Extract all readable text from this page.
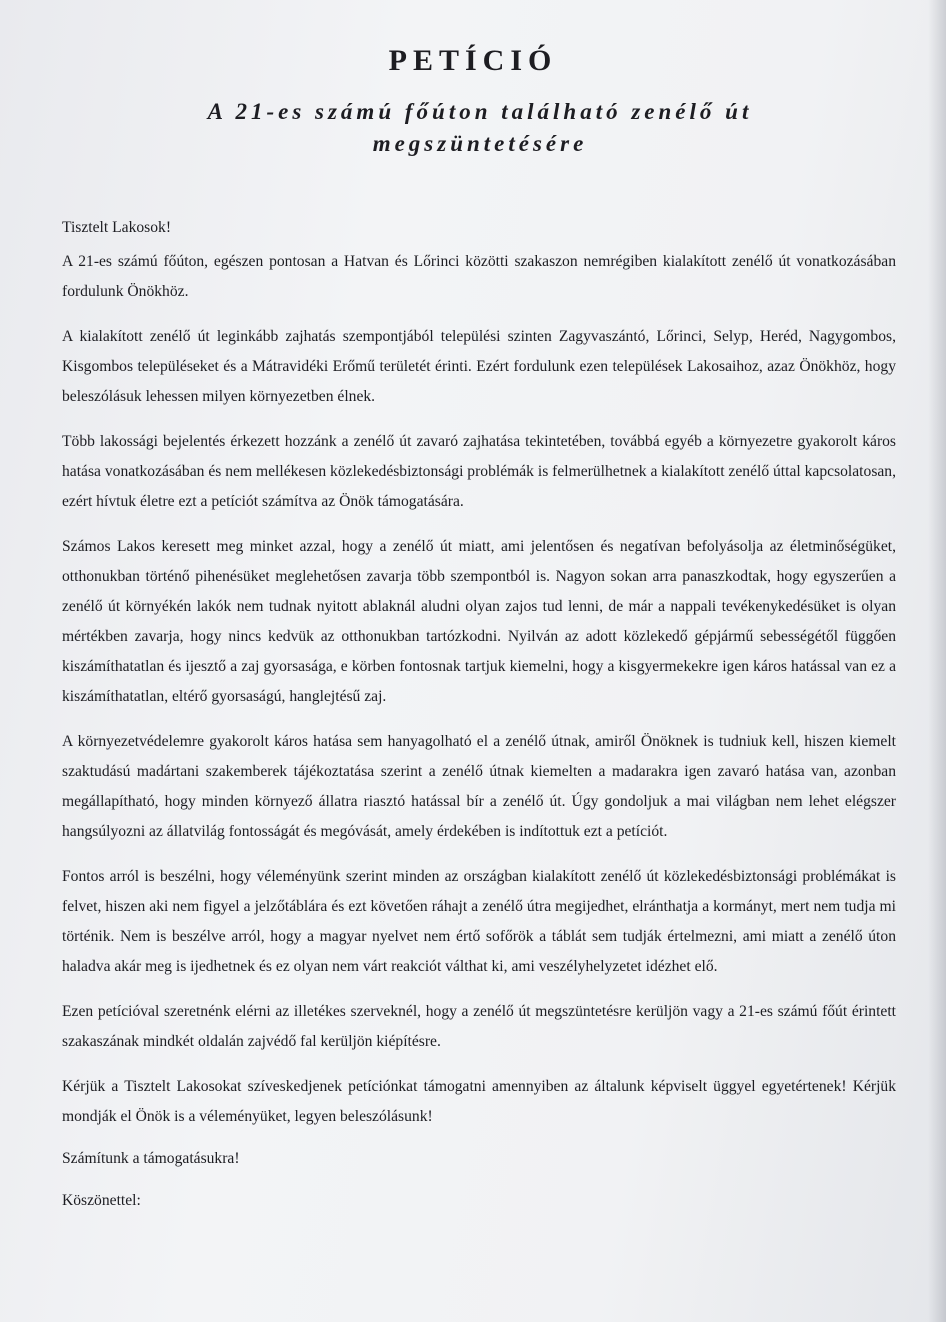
PETÍCIÓ
A 21-es számú főúton található zenélő út megszüntetésére

Tisztelt Lakosok!

A 21-es számú főúton, egészen pontosan a Hatvan és Lőrinci közötti szakaszon nemrégiben kialakított zenélő út vonatkozásában fordulunk Önökhöz.

A kialakított zenélő út leginkább zajhatás szempontjából települési szinten Zagyvaszántó, Lőrinci, Selyp, Heréd, Nagygombos, Kisgombos településeket és a Mátravidéki Erőmű területét érinti. Ezért fordulunk ezen települések Lakosaihoz, azaz Önökhöz, hogy beleszólásuk lehessen milyen környezetben élnek.

Több lakossági bejelentés érkezett hozzánk a zenélő út zavaró zajhatása tekintetében, továbbá egyéb a környezetre gyakorolt káros hatása vonatkozásában és nem mellékesen közlekedésbiztonsági problémák is felmerülhetnek a kialakított zenélő úttal kapcsolatosan, ezért hívtuk életre ezt a petíciót számítva az Önök támogatására.

Számos Lakos keresett meg minket azzal, hogy a zenélő út miatt, ami jelentősen és negatívan befolyásolja az életminőségüket, otthonukban történő pihenésüket meglehetősen zavarja több szempontból is. Nagyon sokan arra panaszkodtak, hogy egyszerűen a zenélő út környékén lakók nem tudnak nyitott ablaknál aludni olyan zajos tud lenni, de már a nappali tevékenykedésüket is olyan mértékben zavarja, hogy nincs kedvük az otthonukban tartózkodni. Nyilván az adott közlekedő gépjármű sebességétől függően kiszámíthatatlan és ijesztő a zaj gyorsasága, e körben fontosnak tartjuk kiemelni, hogy a kisgyermekekre igen káros hatással van ez a kiszámíthatatlan, eltérő gyorsaságú, hanglejtésű zaj.

A környezetvédelemre gyakorolt káros hatása sem hanyagolható el a zenélő útnak, amiről Önöknek is tudniuk kell, hiszen kiemelt szaktudású madártani szakemberek tájékoztatása szerint a zenélő útnak kiemelten a madarakra igen zavaró hatása van, azonban megállapítható, hogy minden környező állatra riasztó hatással bír a zenélő út. Úgy gondoljuk a mai világban nem lehet elégszer hangsúlyozni az állatvilág fontosságát és megóvását, amely érdekében is indítottuk ezt a petíciót.

Fontos arról is beszélni, hogy véleményünk szerint minden az országban kialakított zenélő út közlekedésbiztonsági problémákat is felvet, hiszen aki nem figyel a jelzőtáblára és ezt követően ráhajt a zenélő útra megijedhet, elránthatja a kormányt, mert nem tudja mi történik. Nem is beszélve arról, hogy a magyar nyelvet nem értő sofőrök a táblát sem tudják értelmezni, ami miatt a zenélő úton haladva akár meg is ijedhetnek és ez olyan nem várt reakciót válthat ki, ami veszélyhelyzetet idézhet elő.

Ezen petícióval szeretnénk elérni az illetékes szerveknél, hogy a zenélő út megszüntetésre kerüljön vagy a 21-es számú főút érintett szakaszának mindkét oldalán zajvédő fal kerüljön kiépítésre.

Kérjük a Tisztelt Lakosokat szíveskedjenek petíciónkat támogatni amennyiben az általunk képviselt üggyel egyetértenek! Kérjük mondják el Önök is a véleményüket, legyen beleszólásunk!

Számítunk a támogatásukra!

Köszönettel:
